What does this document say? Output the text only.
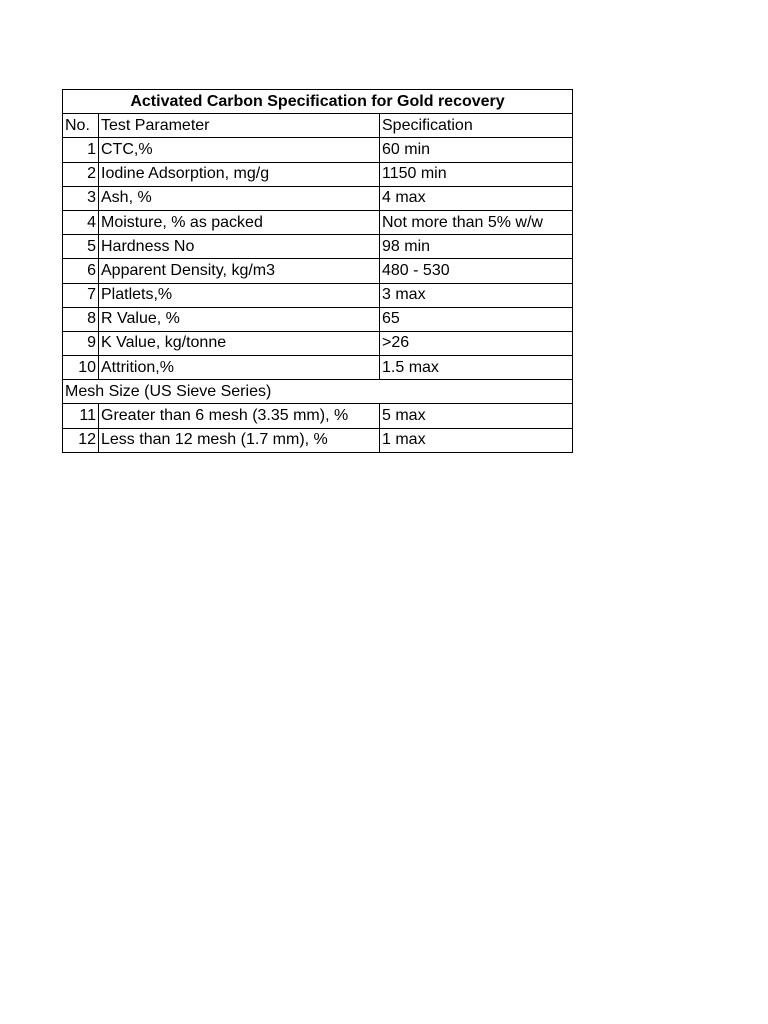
Activated Carbon Specification for Gold recovery		
No.	Test Parameter	Specification
1	CTC,%	60 min
2	Iodine Adsorption, mg/g	1150 min
3	Ash, %	4 max
4	Moisture, % as packed	Not more than 5% w/w
5	Hardness No	98 min
6	Apparent Density, kg/m3	480 - 530
7	Platlets,%	3 max
8	R Value, %	65
9	K Value, kg/tonne	>26
10	Attrition,%	1.5 max
Mesh Size (US Sieve Series)		
11	Greater than 6 mesh (3.35 mm), %	5 max
12	Less than 12 mesh (1.7 mm), %	1 max
